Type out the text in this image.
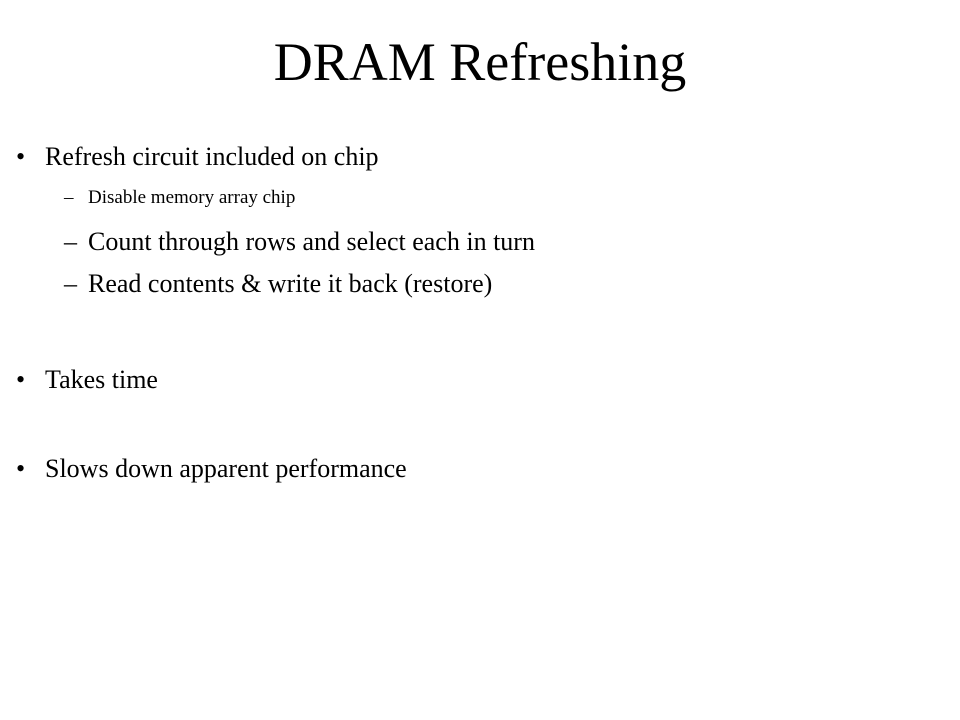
DRAM Refreshing
• Refresh circuit included on chip
– Disable memory array chip
– Count through rows and select each in turn
– Read contents & write it back (restore)
• Takes time
• Slows down apparent performance
